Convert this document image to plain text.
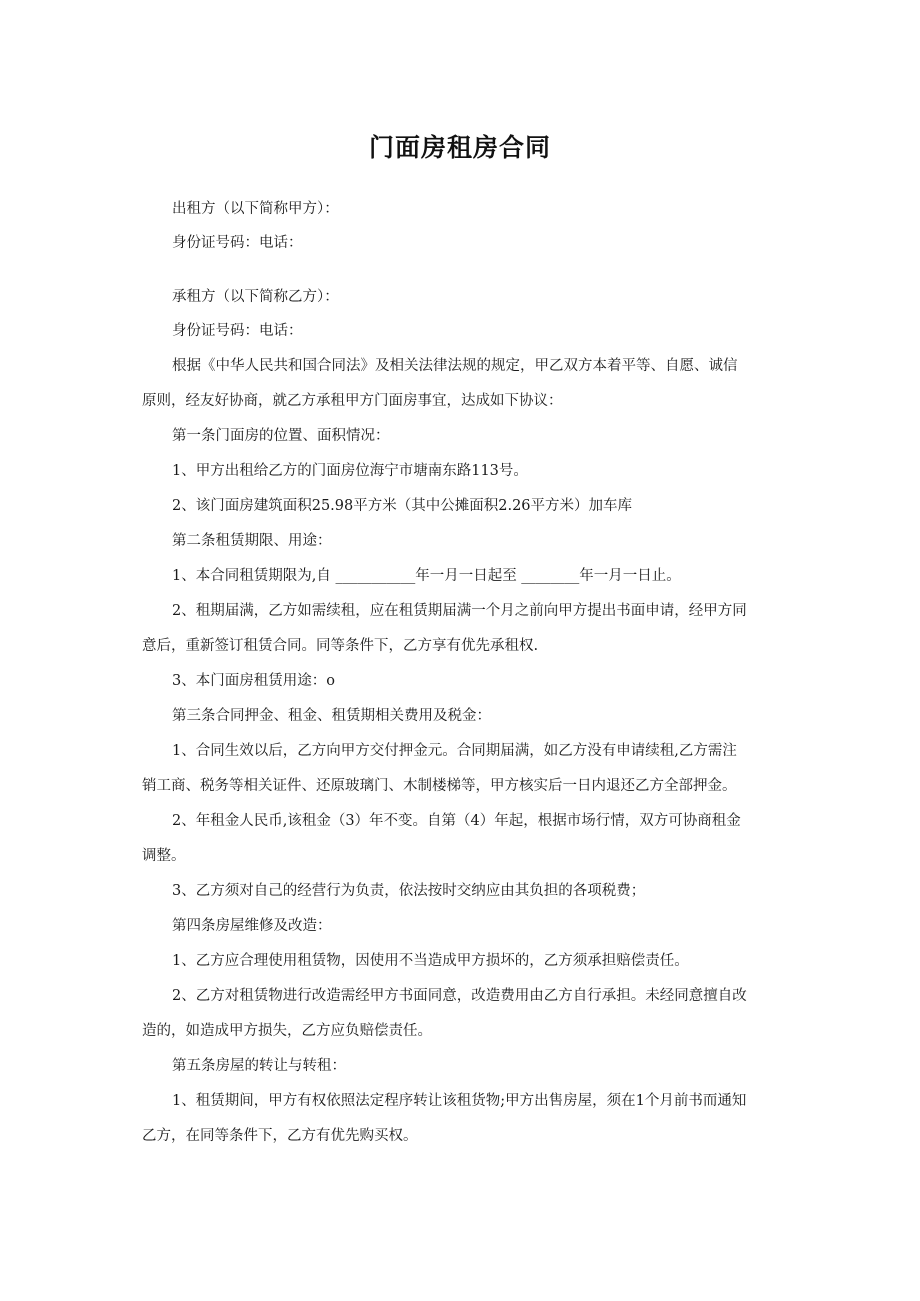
门面房租房合同
出租方（以下简称甲方）：
身份证号码：电话：
承租方（以下简称乙方）：
身份证号码：电话：
根据《中华人民共和国合同法》及相关法律法规的规定，甲乙双方本着平等、自愿、诚信
原则，经友好协商，就乙方承租甲方门面房事宜，达成如下协议：
第一条门面房的位置、面积情况：
1、甲方出租给乙方的门面房位海宁市塘南东路113号。
2、该门面房建筑面积25.98平方米（其中公摊面积2.26平方米）加车库
第二条租赁期限、用途：
1、本合同租赁期限为,自 ___________年一月一日起至 ________年一月一日止。
2、租期届满，乙方如需续租，应在租赁期届满一个月之前向甲方提出书面申请，经甲方同
意后，重新签订租赁合同。同等条件下，乙方享有优先承租权.
3、本门面房租赁用途：o
第三条合同押金、租金、租赁期相关费用及税金：
1、合同生效以后，乙方向甲方交付押金元。合同期届满，如乙方没有申请续租,乙方需注
销工商、税务等相关证件、还原玻璃门、木制楼梯等，甲方核实后一日内退还乙方全部押金。
2、年租金人民币,该租金（3）年不变。自第（4）年起，根据市场行情，双方可协商租金
调整。
3、乙方须对自己的经营行为负责，依法按时交纳应由其负担的各项税费；
第四条房屋维修及改造：
1、乙方应合理使用租赁物，因使用不当造成甲方损坏的，乙方须承担赔偿责任。
2、乙方对租赁物进行改造需经甲方书面同意，改造费用由乙方自行承担。未经同意擅自改
造的，如造成甲方损失，乙方应负赔偿责任。
第五条房屋的转让与转租：
1、租赁期间，甲方有权依照法定程序转让该租货物;甲方出售房屋，须在1个月前书而通知
乙方，在同等条件下，乙方有优先购买权。
